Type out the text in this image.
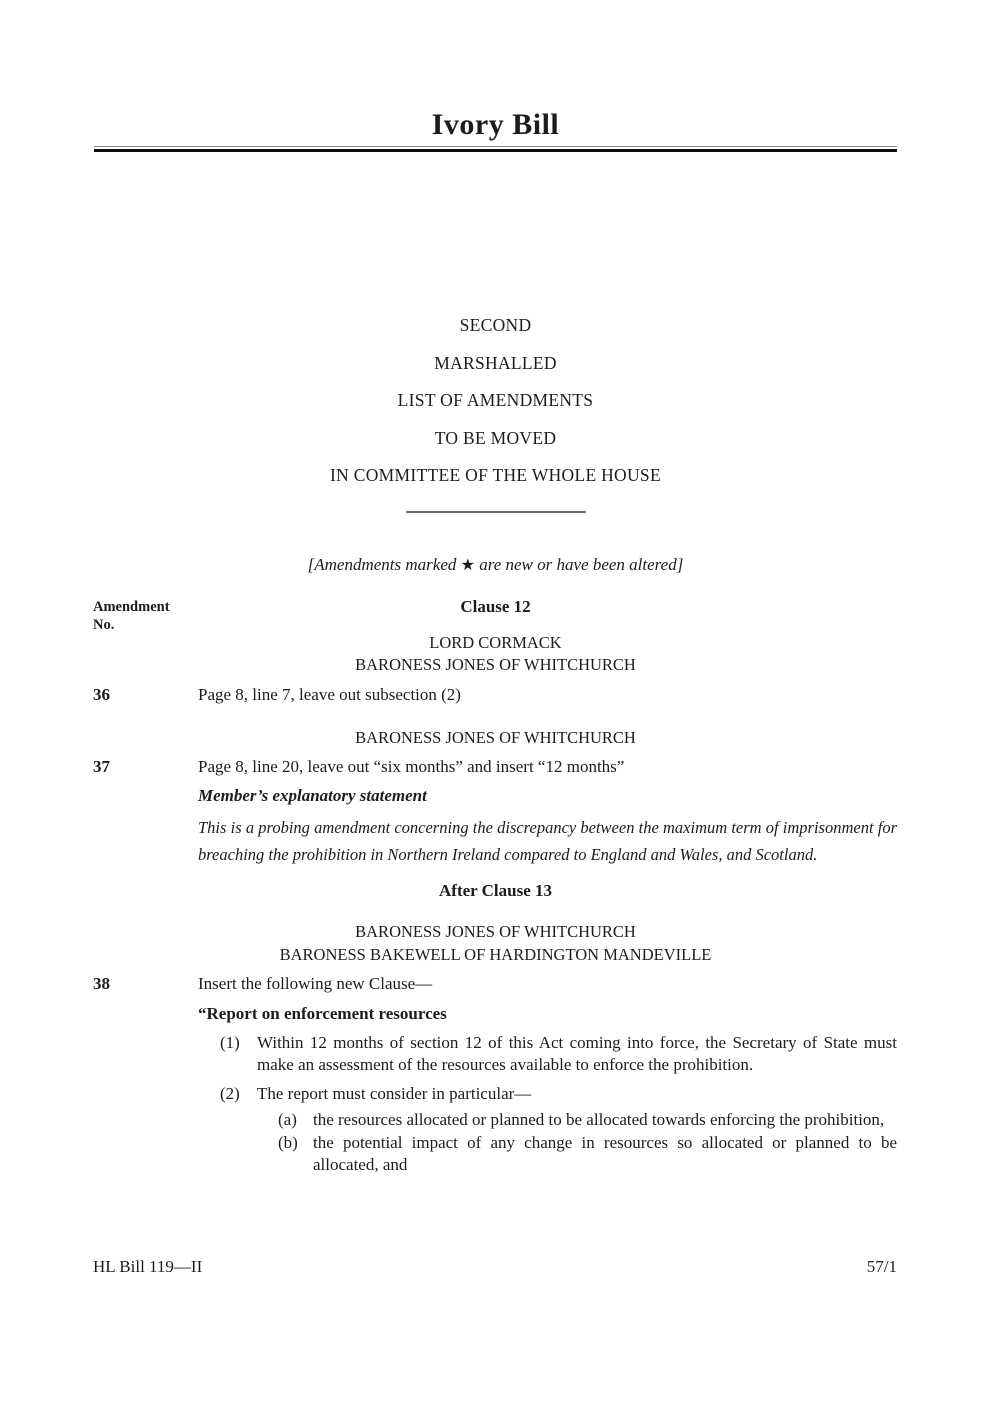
Ivory Bill
SECOND
MARSHALLED
LIST OF AMENDMENTS
TO BE MOVED
IN COMMITTEE OF THE WHOLE HOUSE
[Amendments marked ★ are new or have been altered]
Amendment
No.
Clause 12
LORD CORMACK
BARONESS JONES OF WHITCHURCH
36	Page 8, line 7, leave out subsection (2)
BARONESS JONES OF WHITCHURCH
37	Page 8, line 20, leave out “six months” and insert “12 months”
Member’s explanatory statement
This is a probing amendment concerning the discrepancy between the maximum term of imprisonment for breaching the prohibition in Northern Ireland compared to England and Wales, and Scotland.
After Clause 13
BARONESS JONES OF WHITCHURCH
BARONESS BAKEWELL OF HARDINGTON MANDEVILLE
38	Insert the following new Clause—
“Report on enforcement resources
(1)	Within 12 months of section 12 of this Act coming into force, the Secretary of State must make an assessment of the resources available to enforce the prohibition.
(2)	The report must consider in particular—
(a) the resources allocated or planned to be allocated towards enforcing the prohibition,
(b) the potential impact of any change in resources so allocated or planned to be allocated, and
HL Bill 119—II	57/1
